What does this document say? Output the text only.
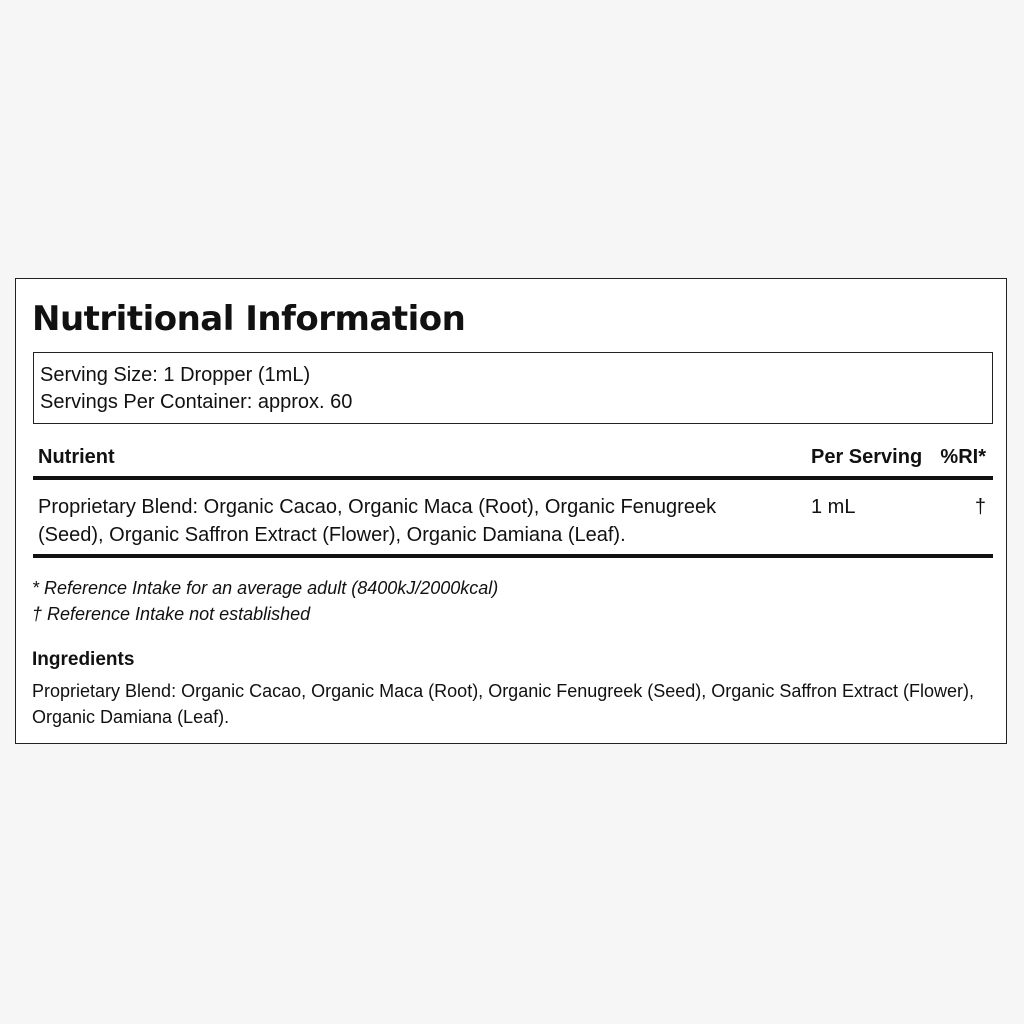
Nutritional Information
Serving Size: 1 Dropper (1mL)
Servings Per Container: approx. 60
Nutrient	Per Serving %RI*
Proprietary Blend: Organic Cacao, Organic Maca (Root), Organic Fenugreek (Seed), Organic Saffron Extract (Flower), Organic Damiana (Leaf).
1 mL	†
* Reference Intake for an average adult (8400kJ/2000kcal)
† Reference Intake not established
Ingredients
Proprietary Blend: Organic Cacao, Organic Maca (Root), Organic Fenugreek (Seed), Organic Saffron Extract (Flower), Organic Damiana (Leaf).
